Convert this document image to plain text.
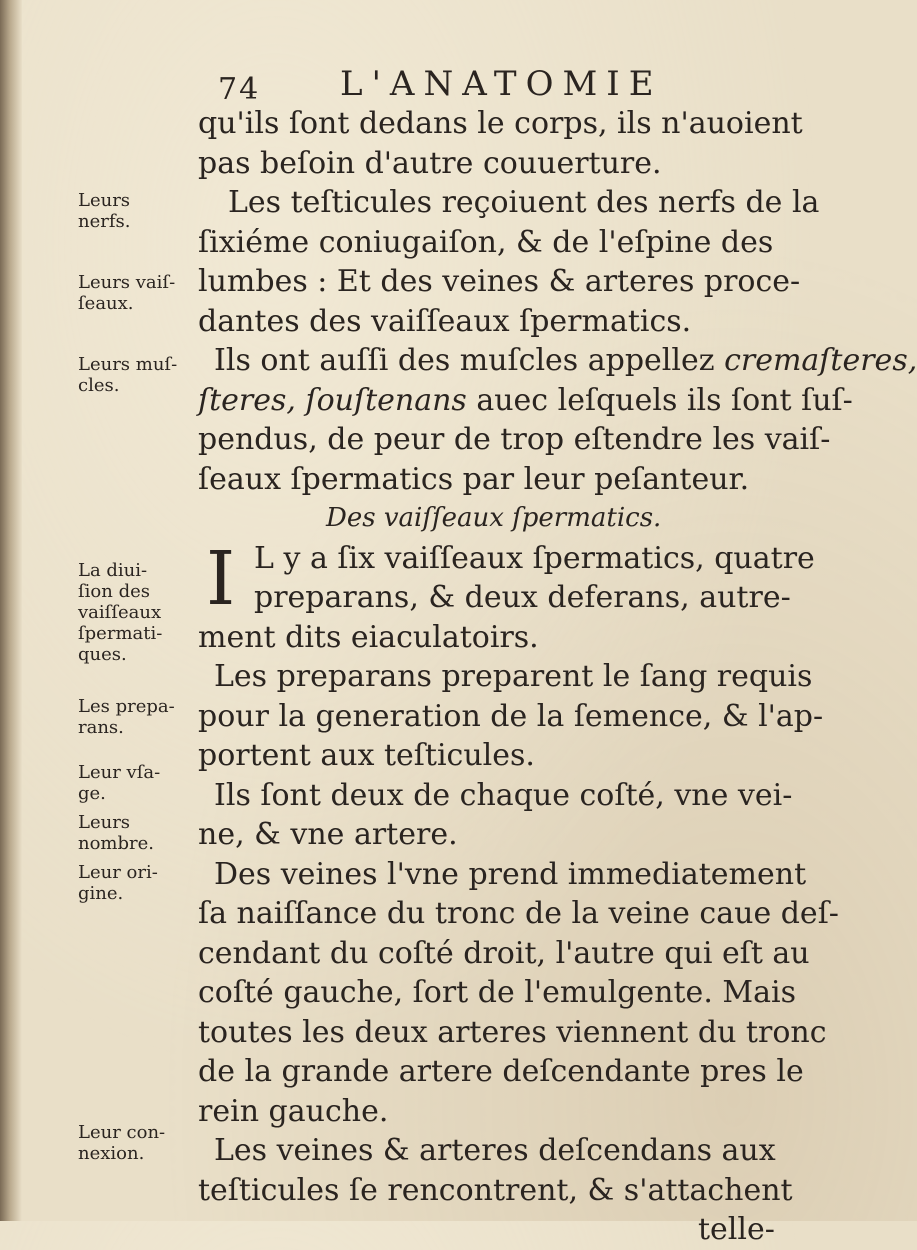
74 L'ANATOMIE
Leurs
nerfs.
Leurs vaiſ-
ſeaux.
Leurs muſ-
cles.
La diui-
ſion des
vaiſſeaux
ſpermati-
ques.
Les prepa-
rans.
Leur vſa-
ge.
Leurs
nombre.
Leur ori-
gine.
Leur con-
nexion.
qu'ils ſont dedans le corps, ils n'auoient
pas beſoin d'autre couuerture.
Les teſticules reçoiuent des nerfs de la
ſixiéme coniugaiſon, & de l'eſpine des
lumbes : Et des veines & arteres proce-
dantes des vaiſſeaux ſpermatics.
Ils ont auſſi des muſcles appellez cremaſteres,
ſteres, ſouſtenans auec leſquels ils ſont ſuſ-
pendus, de peur de trop eſtendre les vaiſ-
ſeaux ſpermatics par leur peſanteur.
Des vaiſſeaux ſpermatics.
I L y a ſix vaiſſeaux ſpermatics, quatre
preparans, & deux deferans, autre-
ment dits eiaculatoirs.
Les preparans preparent le ſang requis
pour la generation de la ſemence, & l'ap-
portent aux teſticules.
Ils ſont deux de chaque coſté, vne vei-
ne, & vne artere.
Des veines l'vne prend immediatement
ſa naiſſance du tronc de la veine caue deſ-
cendant du coſté droit, l'autre qui eſt au
coſté gauche, ſort de l'emulgente. Mais
toutes les deux arteres viennent du tronc
de la grande artere deſcendante pres le
rein gauche.
Les veines & arteres deſcendans aux
teſticules ſe rencontrent, & s'attachent
telle-
